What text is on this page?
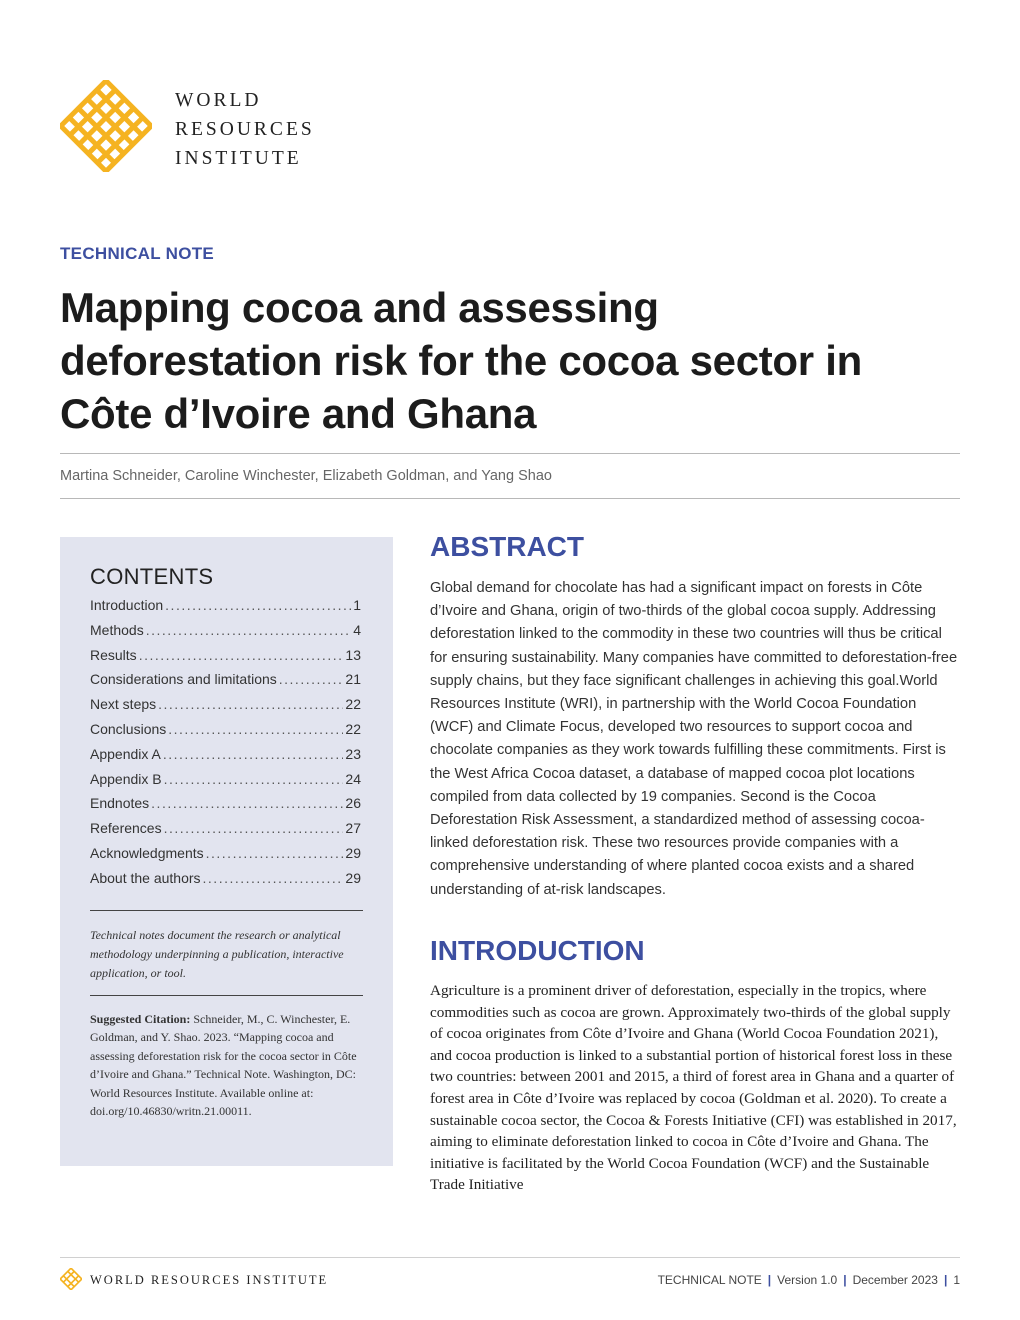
WORLD
RESOURCES
INSTITUTE
TECHNICAL NOTE
Mapping cocoa and assessing
deforestation risk for the cocoa sector in
Côte d’Ivoire and Ghana
Martina Schneider, Caroline Winchester, Elizabeth Goldman, and Yang Shao
CONTENTS
Introduction .....	1
Methods .....	4
Results .....	13
Considerations and limitations .....	21
Next steps .....	22
Conclusions .....	22
Appendix A .....	23
Appendix B .....	24
Endnotes .....	26
References .....	27
Acknowledgments .....	29
About the authors .....	29

Technical notes document the research or analytical methodology underpinning a publication, interactive application, or tool.

Suggested Citation: Schneider, M., C. Winchester, E. Goldman, and Y. Shao. 2023. “Mapping cocoa and assessing deforestation risk for the cocoa sector in Côte d’Ivoire and Ghana.” Technical Note. Washington, DC: World Resources Institute. Available online at: doi.org/10.46830/writn.21.00011.

ABSTRACT

Global demand for chocolate has had a significant impact on forests in Côte d’Ivoire and Ghana, origin of two-thirds of the global cocoa supply. Addressing deforestation linked to the commodity in these two countries will thus be critical for ensuring sustainability. Many companies have committed to deforestation-free supply chains, but they face significant challenges in achieving this goal.World Resources Institute (WRI), in partnership with the World Cocoa Foundation (WCF) and Climate Focus, developed two resources to support cocoa and chocolate companies as they work towards fulfilling these commitments. First is the West Africa Cocoa dataset, a database of mapped cocoa plot locations compiled from data collected by 19 companies. Second is the Cocoa Deforestation Risk Assessment, a standardized method of assessing cocoa-linked deforestation risk. These two resources provide companies with a comprehensive understanding of where planted cocoa exists and a shared understanding of at-risk landscapes.

INTRODUCTION

Agriculture is a prominent driver of deforestation, especially in the tropics, where commodities such as cocoa are grown. Approximately two-thirds of the global supply of cocoa originates from Côte d’Ivoire and Ghana (World Cocoa Foundation 2021), and cocoa production is linked to a substantial portion of historical forest loss in these two countries: between 2001 and 2015, a third of forest area in Ghana and a quarter of forest area in Côte d’Ivoire was replaced by cocoa (Goldman et al. 2020). To create a sustainable cocoa sector, the Cocoa & Forests Initiative (CFI) was established in 2017, aiming to eliminate deforestation linked to cocoa in Côte d’Ivoire and Ghana. The initiative is facilitated by the World Cocoa Foundation (WCF) and the Sustainable Trade Initiative

WORLD RESOURCES INSTITUTE	TECHNICAL NOTE | Version 1.0 | December 2023 | 1
